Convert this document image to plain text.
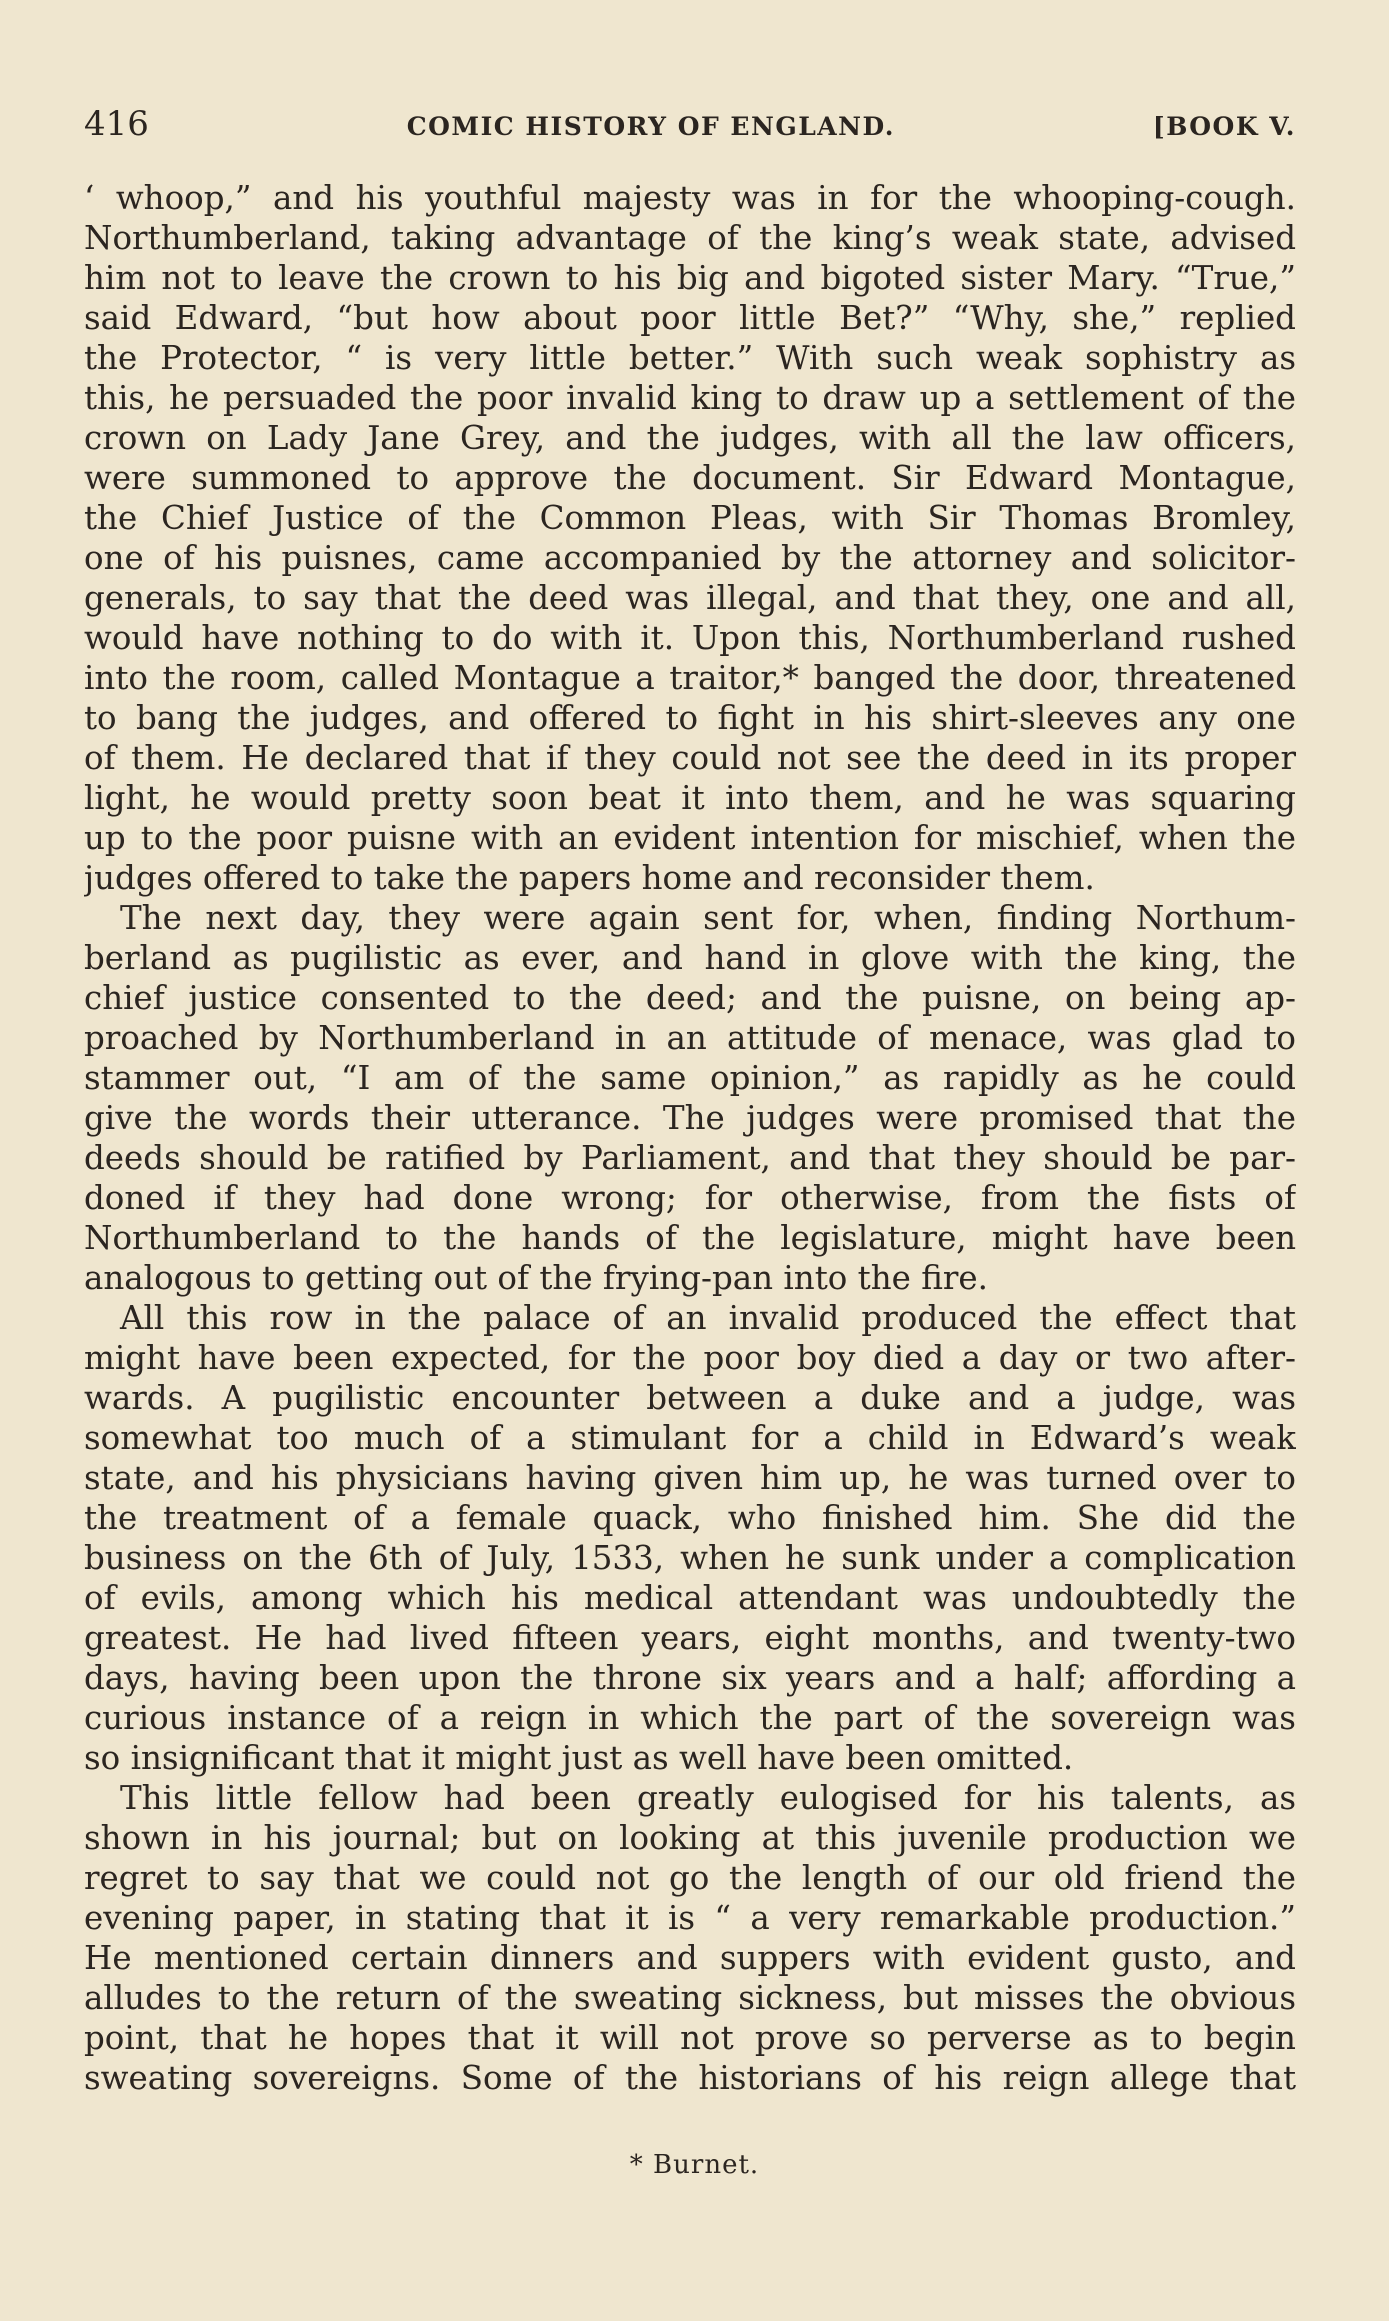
416	COMIC HISTORY OF ENGLAND.	[BOOK V.
‘ whoop,” and his youthful majesty was in for the whooping-cough.
Northumberland, taking advantage of the king’s weak state, advised
him not to leave the crown to his big and bigoted sister Mary. “True,”
said Edward, “but how about poor little Bet?” “Why, she,” replied
the Protector, “ is very little better.” With such weak sophistry as
this, he persuaded the poor invalid king to draw up a settlement of the
crown on Lady Jane Grey, and the judges, with all the law officers,
were summoned to approve the document. Sir Edward Montague,
the Chief Justice of the Common Pleas, with Sir Thomas Bromley,
one of his puisnes, came accompanied by the attorney and solicitor-
generals, to say that the deed was illegal, and that they, one and all,
would have nothing to do with it. Upon this, Northumberland rushed
into the room, called Montague a traitor,* banged the door, threatened
to bang the judges, and offered to fight in his shirt-sleeves any one
of them. He declared that if they could not see the deed in its proper
light, he would pretty soon beat it into them, and he was squaring
up to the poor puisne with an evident intention for mischief, when the
judges offered to take the papers home and reconsider them.
The next day, they were again sent for, when, finding Northum-
berland as pugilistic as ever, and hand in glove with the king, the
chief justice consented to the deed; and the puisne, on being ap-
proached by Northumberland in an attitude of menace, was glad to
stammer out, “I am of the same opinion,” as rapidly as he could
give the words their utterance. The judges were promised that the
deeds should be ratified by Parliament, and that they should be par-
doned if they had done wrong; for otherwise, from the fists of
Northumberland to the hands of the legislature, might have been
analogous to getting out of the frying-pan into the fire.
All this row in the palace of an invalid produced the effect that
might have been expected, for the poor boy died a day or two after-
wards. A pugilistic encounter between a duke and a judge, was
somewhat too much of a stimulant for a child in Edward’s weak
state, and his physicians having given him up, he was turned over to
the treatment of a female quack, who finished him. She did the
business on the 6th of July, 1533, when he sunk under a complication
of evils, among which his medical attendant was undoubtedly the
greatest. He had lived fifteen years, eight months, and twenty-two
days, having been upon the throne six years and a half; affording a
curious instance of a reign in which the part of the sovereign was
so insignificant that it might just as well have been omitted.
This little fellow had been greatly eulogised for his talents, as
shown in his journal; but on looking at this juvenile production we
regret to say that we could not go the length of our old friend the
evening paper, in stating that it is “ a very remarkable production.”
He mentioned certain dinners and suppers with evident gusto, and
alludes to the return of the sweating sickness, but misses the obvious
point, that he hopes that it will not prove so perverse as to begin
sweating sovereigns. Some of the historians of his reign allege that
* Burnet.
